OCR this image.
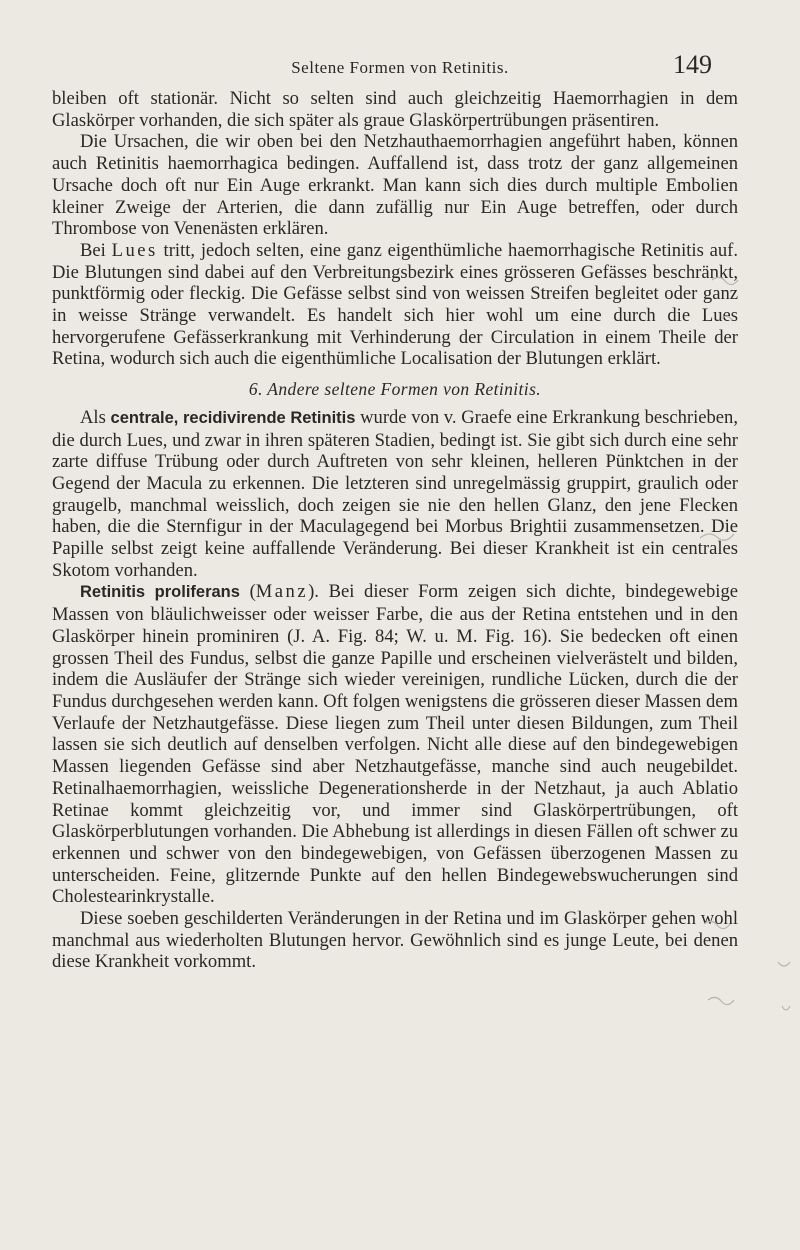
Seltene Formen von Retinitis.	149

bleiben oft stationär. Nicht so selten sind auch gleichzeitig Haemorrhagien in dem Glaskörper vorhanden, die sich später als graue Glaskörpertrübungen präsentiren.

Die Ursachen, die wir oben bei den Netzhauthaemorrhagien angeführt haben, können auch Retinitis haemorrhagica bedingen. Auffallend ist, dass trotz der ganz allgemeinen Ursache doch oft nur Ein Auge erkrankt. Man kann sich dies durch multiple Embolien kleiner Zweige der Arterien, die dann zufällig nur Ein Auge betreffen, oder durch Thrombose von Venenästen erklären.

Bei Lues tritt, jedoch selten, eine ganz eigenthümliche haemorrhagische Retinitis auf. Die Blutungen sind dabei auf den Verbreitungsbezirk eines grösseren Gefässes beschränkt, punktförmig oder fleckig. Die Gefässe selbst sind von weissen Streifen begleitet oder ganz in weisse Stränge verwandelt. Es handelt sich hier wohl um eine durch die Lues hervorgerufene Gefässerkrankung mit Verhinderung der Circulation in einem Theile der Retina, wodurch sich auch die eigenthümliche Localisation der Blutungen erklärt.

6. Andere seltene Formen von Retinitis.

Als centrale, recidivirende Retinitis wurde von v. Graefe eine Erkrankung beschrieben, die durch Lues, und zwar in ihren späteren Stadien, bedingt ist. Sie gibt sich durch eine sehr zarte diffuse Trübung oder durch Auftreten von sehr kleinen, helleren Pünktchen in der Gegend der Macula zu erkennen. Die letzteren sind unregelmässig gruppirt, graulich oder graugelb, manchmal weisslich, doch zeigen sie nie den hellen Glanz, den jene Flecken haben, die die Sternfigur in der Maculagegend bei Morbus Brightii zusammensetzen. Die Papille selbst zeigt keine auffallende Veränderung. Bei dieser Krankheit ist ein centrales Skotom vorhanden.

Retinitis proliferans (Manz). Bei dieser Form zeigen sich dichte, bindegewebige Massen von bläulichweisser oder weisser Farbe, die aus der Retina entstehen und in den Glaskörper hinein prominiren (J. A. Fig. 84; W. u. M. Fig. 16). Sie bedecken oft einen grossen Theil des Fundus, selbst die ganze Papille und erscheinen vielverästelt und bilden, indem die Ausläufer der Stränge sich wieder vereinigen, rundliche Lücken, durch die der Fundus durchgesehen werden kann. Oft folgen wenigstens die grösseren dieser Massen dem Verlaufe der Netzhautgefässe. Diese liegen zum Theil unter diesen Bildungen, zum Theil lassen sie sich deutlich auf denselben verfolgen. Nicht alle diese auf den bindegewebigen Massen liegenden Gefässe sind aber Netzhautgefässe, manche sind auch neugebildet. Retinalhaemorrhagien, weissliche Degenerationsherde in der Netzhaut, ja auch Ablatio Retinae kommt gleichzeitig vor, und immer sind Glaskörpertrübungen, oft Glaskörperblutungen vorhanden. Die Abhebung ist allerdings in diesen Fällen oft schwer zu erkennen und schwer von den bindegewebigen, von Gefässen überzogenen Massen zu unterscheiden. Feine, glitzernde Punkte auf den hellen Bindegewebswucherungen sind Cholestearinkrystalle.

Diese soeben geschilderten Veränderungen in der Retina und im Glaskörper gehen wohl manchmal aus wiederholten Blutungen hervor. Gewöhnlich sind es junge Leute, bei denen diese Krankheit vorkommt.
